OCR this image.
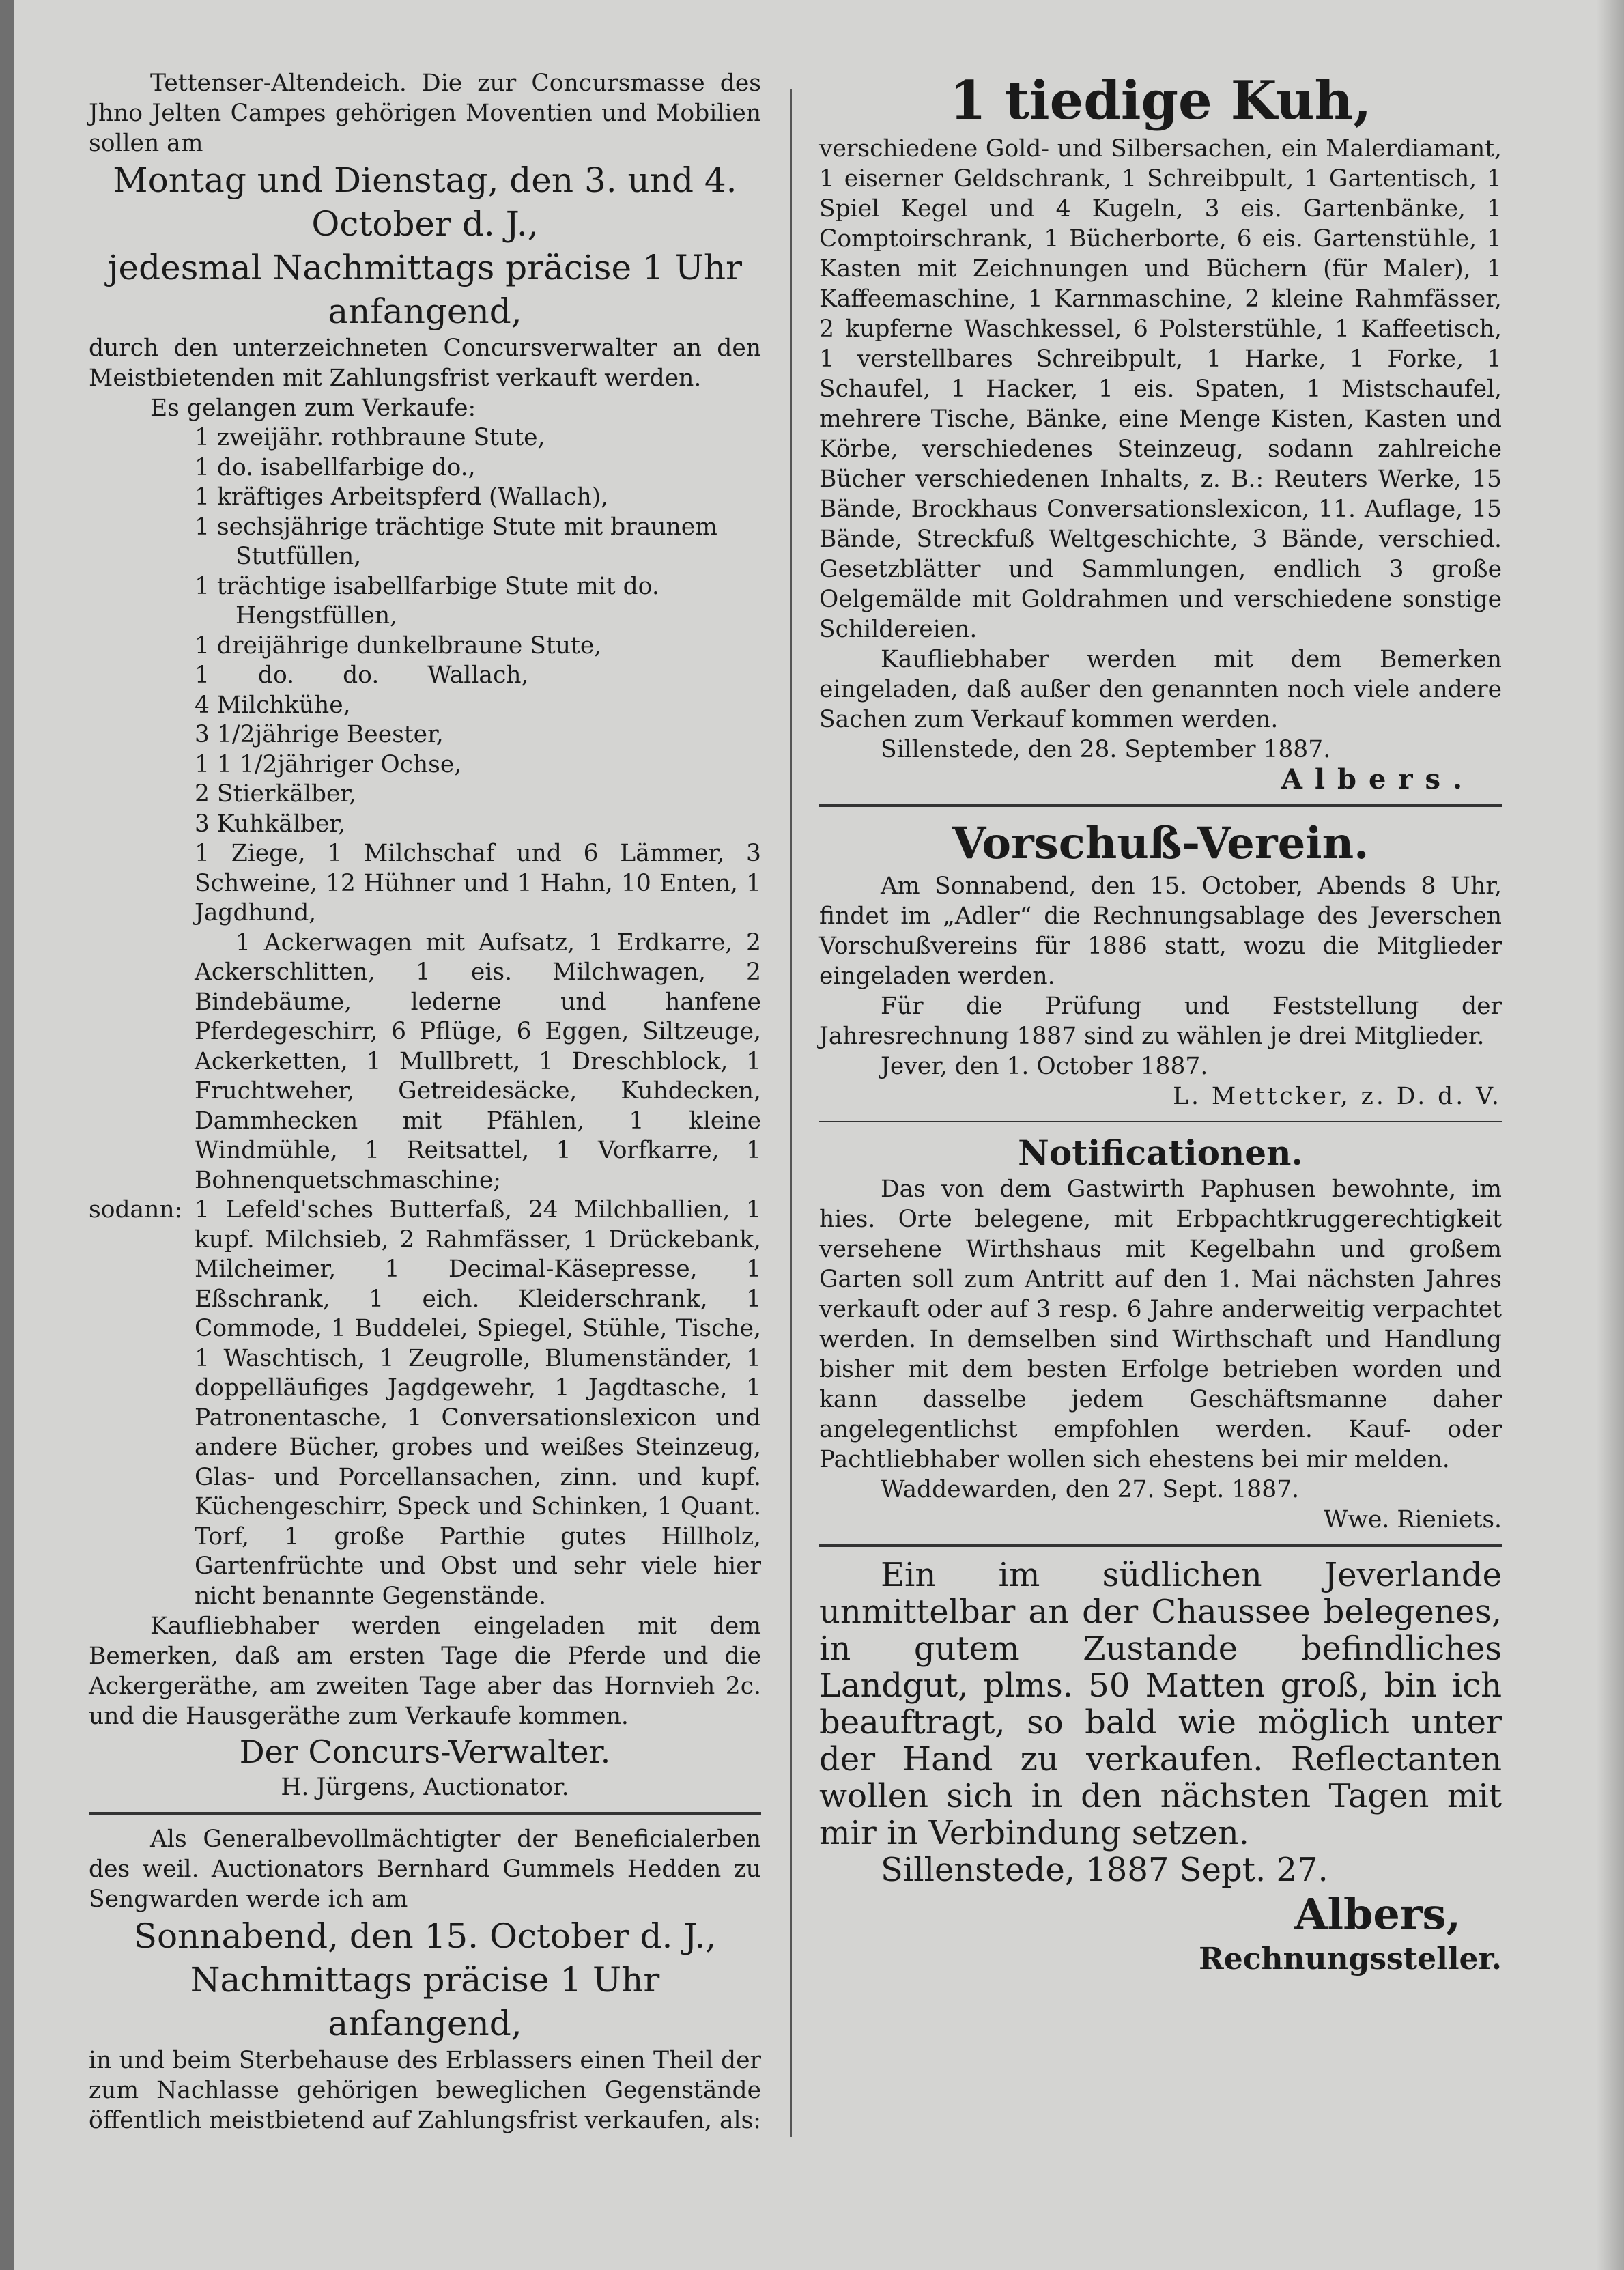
Tettenser-Altendeich. Die zur Concursmasse des Jhno Jelten Campes gehörigen Moventien und Mobilien sollen am

Montag und Dienstag, den 3. und 4. October d. J.,

jedesmal Nachmittags präcise 1 Uhr anfangend,

durch den unterzeichneten Concursverwalter an den Meistbietenden mit Zahlungsfrist verkauft werden.

Es gelangen zum Verkaufe:

1 zweijähr. rothbraune Stute,

1 do. isabellfarbige do.,

1 kräftiges Arbeitspferd (Wallach),

1 sechsjährige trächtige Stute mit braunem

Stutfüllen,

1 trächtige isabellfarbige Stute mit do.

Hengstfüllen,

1 dreijährige dunkelbraune Stute,

1 do. do. Wallach,

4 Milchkühe,

3 1/2jährige Beester,

1 1 1/2jähriger Ochse,

2 Stierkälber,

3 Kuhkälber,

1 Ziege, 1 Milchschaf und 6 Lämmer, 3 Schweine, 12 Hühner und 1 Hahn, 10 Enten, 1 Jagdhund,

1 Ackerwagen mit Aufsatz, 1 Erdkarre, 2 Ackerschlitten, 1 eis. Milchwagen, 2 Bindebäume, lederne und hanfene Pferdegeschirr, 6 Pflüge, 6 Eggen, Siltzeuge, Ackerketten, 1 Mullbrett, 1 Dreschblock, 1 Fruchtweher, Getreidesäcke, Kuhdecken, Dammhecken mit Pfählen, 1 kleine Windmühle, 1 Reitsattel, 1 Vorfkarre, 1 Bohnenquetschmaschine;

sodann: 1 Lefeld'sches Butterfaß, 24 Milchballien, 1 kupf. Milchsieb, 2 Rahmfässer, 1 Drückebank, Milcheimer, 1 Decimal-Käsepresse, 1 Eßschrank, 1 eich. Kleiderschrank, 1 Commode, 1 Buddelei, Spiegel, Stühle, Tische, 1 Waschtisch, 1 Zeugrolle, Blumenständer, 1 doppelläufiges Jagdgewehr, 1 Jagdtasche, 1 Patronentasche, 1 Conversationslexicon und andere Bücher, grobes und weißes Steinzeug, Glas- und Porcellansachen, zinn. und kupf. Küchengeschirr, Speck und Schinken, 1 Quant. Torf, 1 große Parthie gutes Hillholz, Gartenfrüchte und Obst und sehr viele hier nicht benannte Gegenstände.

Kaufliebhaber werden eingeladen mit dem Bemerken, daß am ersten Tage die Pferde und die Ackergeräthe, am zweiten Tage aber das Hornvieh 2c. und die Hausgeräthe zum Verkaufe kommen.

Der Concurs-Verwalter.

H. Jürgens, Auctionator.

Als Generalbevollmächtigter der Beneficialerben des weil. Auctionators Bernhard Gummels Hedden zu Sengwarden werde ich am

Sonnabend, den 15. October d. J.,

Nachmittags präcise 1 Uhr anfangend,

in und beim Sterbehause des Erblassers einen Theil der zum Nachlasse gehörigen beweglichen Gegenstände öffentlich meistbietend auf Zahlungsfrist verkaufen, als:

1 tiedige Kuh,

verschiedene Gold- und Silbersachen, ein Malerdiamant, 1 eiserner Geldschrank, 1 Schreibpult, 1 Gartentisch, 1 Spiel Kegel und 4 Kugeln, 3 eis. Gartenbänke, 1 Comptoirschrank, 1 Bücherborte, 6 eis. Gartenstühle, 1 Kasten mit Zeichnungen und Büchern (für Maler), 1 Kaffeemaschine, 1 Karnmaschine, 2 kleine Rahmfässer, 2 kupferne Waschkessel, 6 Polsterstühle, 1 Kaffeetisch, 1 verstellbares Schreibpult, 1 Harke, 1 Forke, 1 Schaufel, 1 Hacker, 1 eis. Spaten, 1 Mistschaufel, mehrere Tische, Bänke, eine Menge Kisten, Kasten und Körbe, verschiedenes Steinzeug, sodann zahlreiche Bücher verschiedenen Inhalts, z. B.: Reuters Werke, 15 Bände, Brockhaus Conversationslexicon, 11. Auflage, 15 Bände, Streckfuß Weltgeschichte, 3 Bände, verschied. Gesetzblätter und Sammlungen, endlich 3 große Oelgemälde mit Goldrahmen und verschiedene sonstige Schildereien.

Kaufliebhaber werden mit dem Bemerken eingeladen, daß außer den genannten noch viele andere Sachen zum Verkauf kommen werden.

Sillenstede, den 28. September 1887.

Albers.

Vorschuß-Verein.

Am Sonnabend, den 15. October, Abends 8 Uhr, findet im „Adler“ die Rechnungsablage des Jeverschen Vorschußvereins für 1886 statt, wozu die Mitglieder eingeladen werden.

Für die Prüfung und Feststellung der Jahresrechnung 1887 sind zu wählen je drei Mitglieder.

Jever, den 1. October 1887.

L. Mettcker, z. D. d. V.

Notificationen.

Das von dem Gastwirth Paphusen bewohnte, im hies. Orte belegene, mit Erbpachtkruggerechtigkeit versehene Wirthshaus mit Kegelbahn und großem Garten soll zum Antritt auf den 1. Mai nächsten Jahres verkauft oder auf 3 resp. 6 Jahre anderweitig verpachtet werden. In demselben sind Wirthschaft und Handlung bisher mit dem besten Erfolge betrieben worden und kann dasselbe jedem Geschäftsmanne daher angelegentlichst empfohlen werden. Kauf- oder Pachtliebhaber wollen sich ehestens bei mir melden.

Waddewarden, den 27. Sept. 1887.

Wwe. Rieniets.

Ein im südlichen Jeverlande unmittelbar an der Chaussee belegenes, in gutem Zustande befindliches Landgut, plms. 50 Matten groß, bin ich beauftragt, so bald wie möglich unter der Hand zu verkaufen. Reflectanten wollen sich in den nächsten Tagen mit mir in Verbindung setzen.

Sillenstede, 1887 Sept. 27.

Albers,

Rechnungssteller.
